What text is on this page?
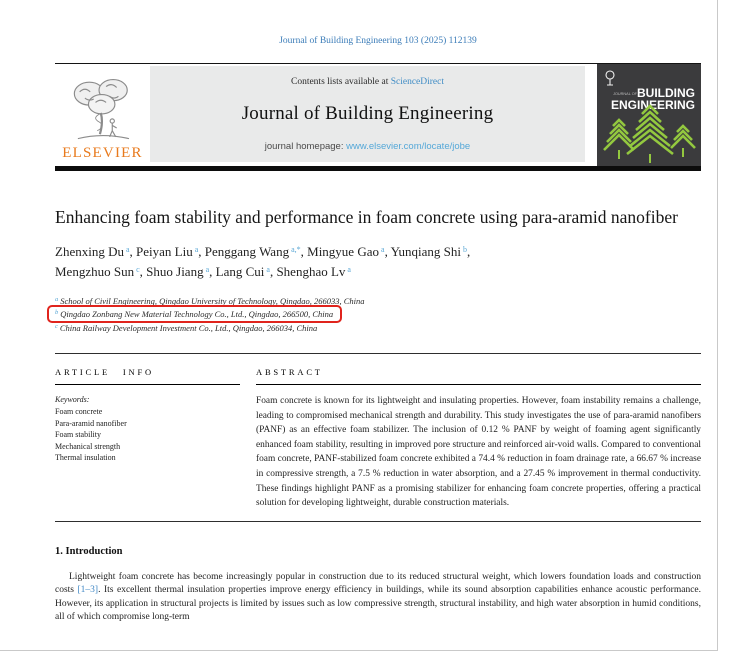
Journal of Building Engineering 103 (2025) 112139
ELSEVIER
Contents lists available at ScienceDirect
Journal of Building Engineering
journal homepage: www.elsevier.com/locate/jobe
JOURNAL OF BUILDING
ENGINEERING
Enhancing foam stability and performance in foam concrete using para-aramid nanofiber
Zhenxing Du $^a$, Peiyan Liu $^a$, Penggang Wang $^{a,*}$, Mingyue Gao $^a$, Yunqiang Shi $^b$,
Mengzhuo Sun $^c$, Shuo Jiang $^a$, Lang Cui $^a$, Shenghao Lv $^a$
$^a$ School of Civil Engineering, Qingdao University of Technology, Qingdao, 266033, China
$^b$ Qingdao Zonbang New Material Technology Co., Ltd., Qingdao, 266500, China
$^c$ China Railway Development Investment Co., Ltd., Qingdao, 266034, China
ARTICLE INFO
Keywords:
Foam concrete
Para-aramid nanofiber
Foam stability
Mechanical strength
Thermal insulation
ABSTRACT
Foam concrete is known for its lightweight and insulating properties. However, foam instability remains a challenge, leading to compromised mechanical strength and durability. This study investigates the use of para-aramid nanofibers (PANF) as an effective foam stabilizer. The inclusion of 0.12 % PANF by weight of foaming agent significantly enhanced foam stability, resulting in improved pore structure and reinforced air-void walls. Compared to conventional foam concrete, PANF-stabilized foam concrete exhibited a 74.4 % reduction in foam drainage rate, a 66.67 % increase in compressive strength, a 7.5 % reduction in water absorption, and a 27.45 % improvement in thermal conductivity. These findings highlight PANF as a promising stabilizer for enhancing foam concrete properties, offering a practical solution for developing lightweight, durable construction materials.
1. Introduction
Lightweight foam concrete has become increasingly popular in construction due to its reduced structural weight, which lowers foundation loads and construction costs [1–3]. Its excellent thermal insulation properties improve energy efficiency in buildings, while its sound absorption capabilities enhance acoustic performance. However, its application in structural projects is limited by issues such as low compressive strength, structural instability, and high water absorption in humid conditions, all of which compromise long-term
